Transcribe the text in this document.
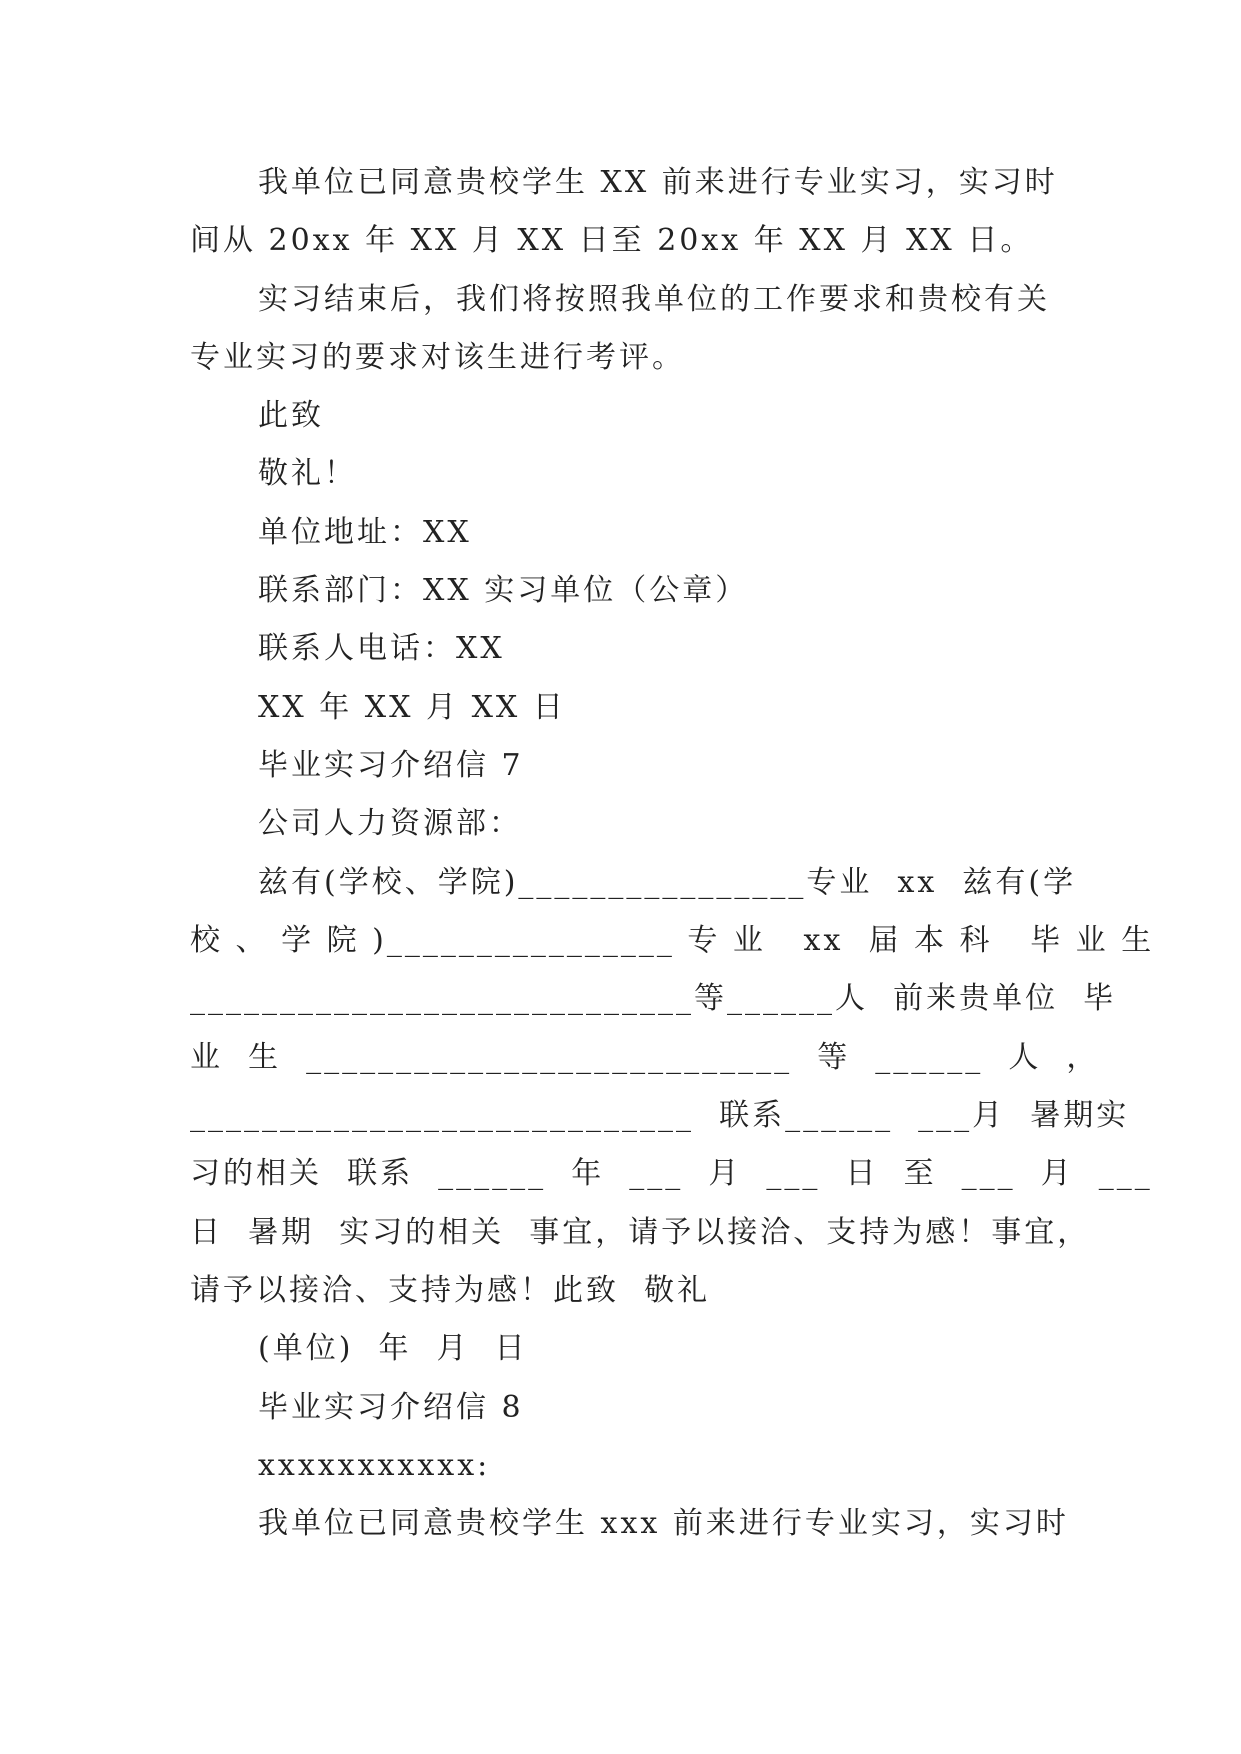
我单位已同意贵校学生 XX 前来进行专业实习，实习时
间从 20xx 年 XX 月 XX 日至 20xx 年 XX 月 XX 日。
实习结束后，我们将按照我单位的工作要求和贵校有关
专业实习的要求对该生进行考评。
此致
敬礼！
单位地址：XX
联系部门：XX 实习单位（公章）
联系人电话：XX
XX 年 XX 月 XX 日
毕业实习介绍信 7
公司人力资源部：
兹有(学校、学院)________________专业  xx  兹有(学
校 、 学 院 )________________ 专 业   xx  届 本 科   毕 业 生
____________________________等______人  前来贵单位  毕
业  生  ___________________________  等  ______  人  ，
____________________________  联系______  ___月  暑期实
习的相关  联系  ______  年  ___  月  ___  日  至  ___  月  ___
日  暑期  实习的相关  事宜，请予以接洽、支持为感！事宜，
请予以接洽、支持为感！此致  敬礼
(单位)  年  月  日
毕业实习介绍信 8
xxxxxxxxxxx:
我单位已同意贵校学生 xxx 前来进行专业实习，实习时
